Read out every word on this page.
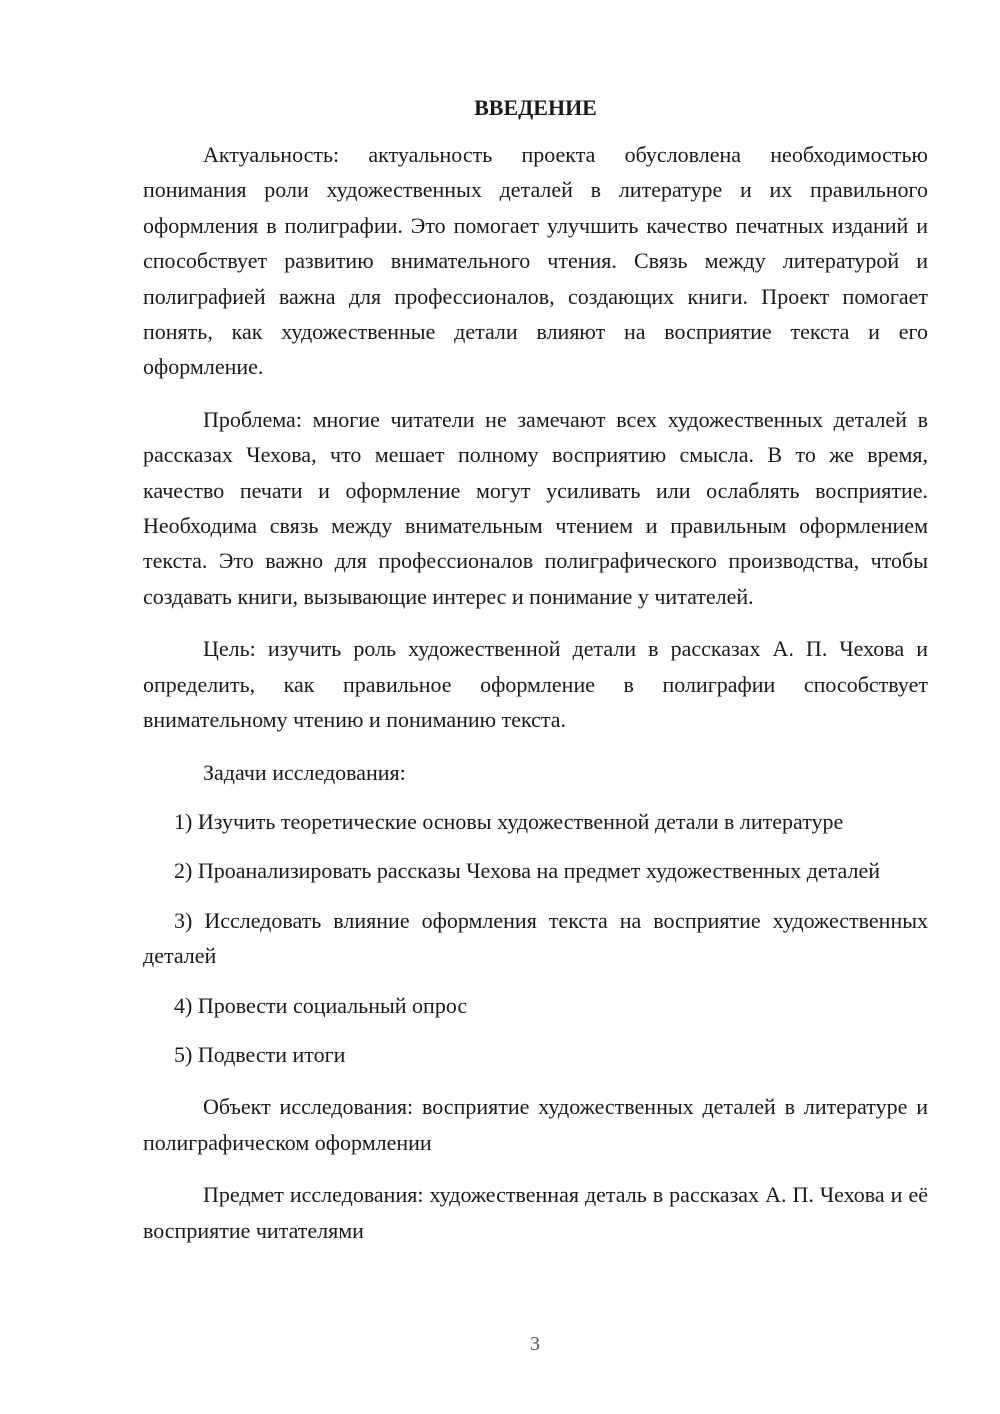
ВВЕДЕНИЕ

Актуальность: актуальность проекта обусловлена необходимостью понимания роли художественных деталей в литературе и их правильного оформления в полиграфии. Это помогает улучшить качество печатных изданий и способствует развитию внимательного чтения. Связь между литературой и полиграфией важна для профессионалов, создающих книги. Проект помогает понять, как художественные детали влияют на восприятие текста и его оформление.

Проблема: многие читатели не замечают всех художественных деталей в рассказах Чехова, что мешает полному восприятию смысла. В то же время, качество печати и оформление могут усиливать или ослаблять восприятие. Необходима связь между внимательным чтением и правильным оформлением текста. Это важно для профессионалов полиграфического производства, чтобы создавать книги, вызывающие интерес и понимание у читателей.

Цель: изучить роль художественной детали в рассказах А. П. Чехова и определить, как правильное оформление в полиграфии способствует внимательному чтению и пониманию текста.

Задачи исследования:

1) Изучить теоретические основы художественной детали в литературе

2) Проанализировать рассказы Чехова на предмет художественных деталей

3) Исследовать влияние оформления текста на восприятие художественных деталей

4) Провести социальный опрос

5) Подвести итоги

Объект исследования: восприятие художественных деталей в литературе и полиграфическом оформлении

Предмет исследования: художественная деталь в рассказах А. П. Чехова и её восприятие читателями

3
